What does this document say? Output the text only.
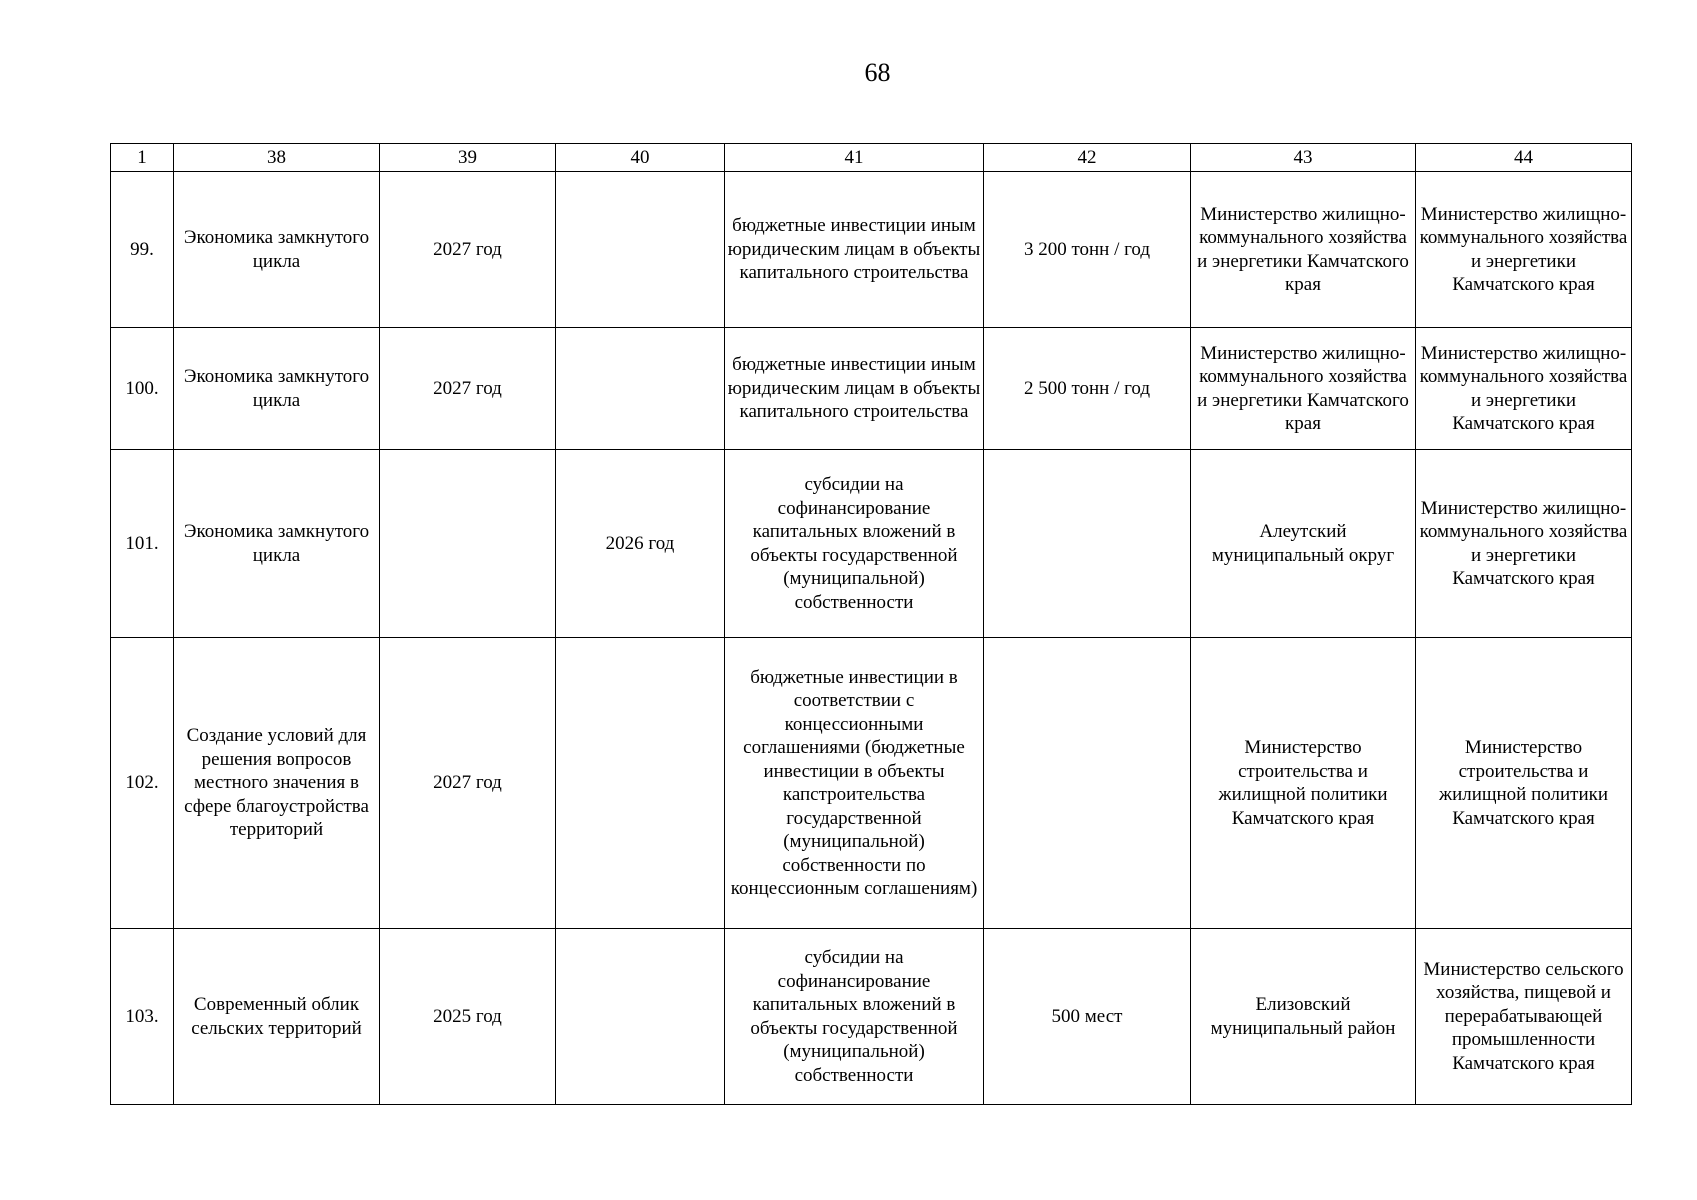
68
1	38	39	40	41	42	43	44
99.	Экономика замкнутого цикла	2027 год		бюджетные инвестиции иным юридическим лицам в объекты капитального строительства	3 200 тонн / год	Министерство жилищно-коммунального хозяйства и энергетики Камчатского края	Министерство жилищно-коммунального хозяйства и энергетики Камчатского края
100.	Экономика замкнутого цикла	2027 год		бюджетные инвестиции иным юридическим лицам в объекты капитального строительства	2 500 тонн / год	Министерство жилищно-коммунального хозяйства и энергетики Камчатского края	Министерство жилищно-коммунального хозяйства и энергетики Камчатского края
101.	Экономика замкнутого цикла		2026 год	субсидии на софинансирование капитальных вложений в объекты государственной (муниципальной) собственности		Алеутский муниципальный округ	Министерство жилищно-коммунального хозяйства и энергетики Камчатского края
102.	Создание условий для решения вопросов местного значения в сфере благоустройства территорий	2027 год		бюджетные инвестиции в соответствии с концессионными соглашениями (бюджетные инвестиции в объекты капстроительства государственной (муниципальной) собственности по концессионным соглашениям)		Министерство строительства и жилищной политики Камчатского края	Министерство строительства и жилищной политики Камчатского края
103.	Современный облик сельских территорий	2025 год		субсидии на софинансирование капитальных вложений в объекты государственной (муниципальной) собственности	500 мест	Елизовский муниципальный район	Министерство сельского хозяйства, пищевой и перерабатывающей промышленности Камчатского края
